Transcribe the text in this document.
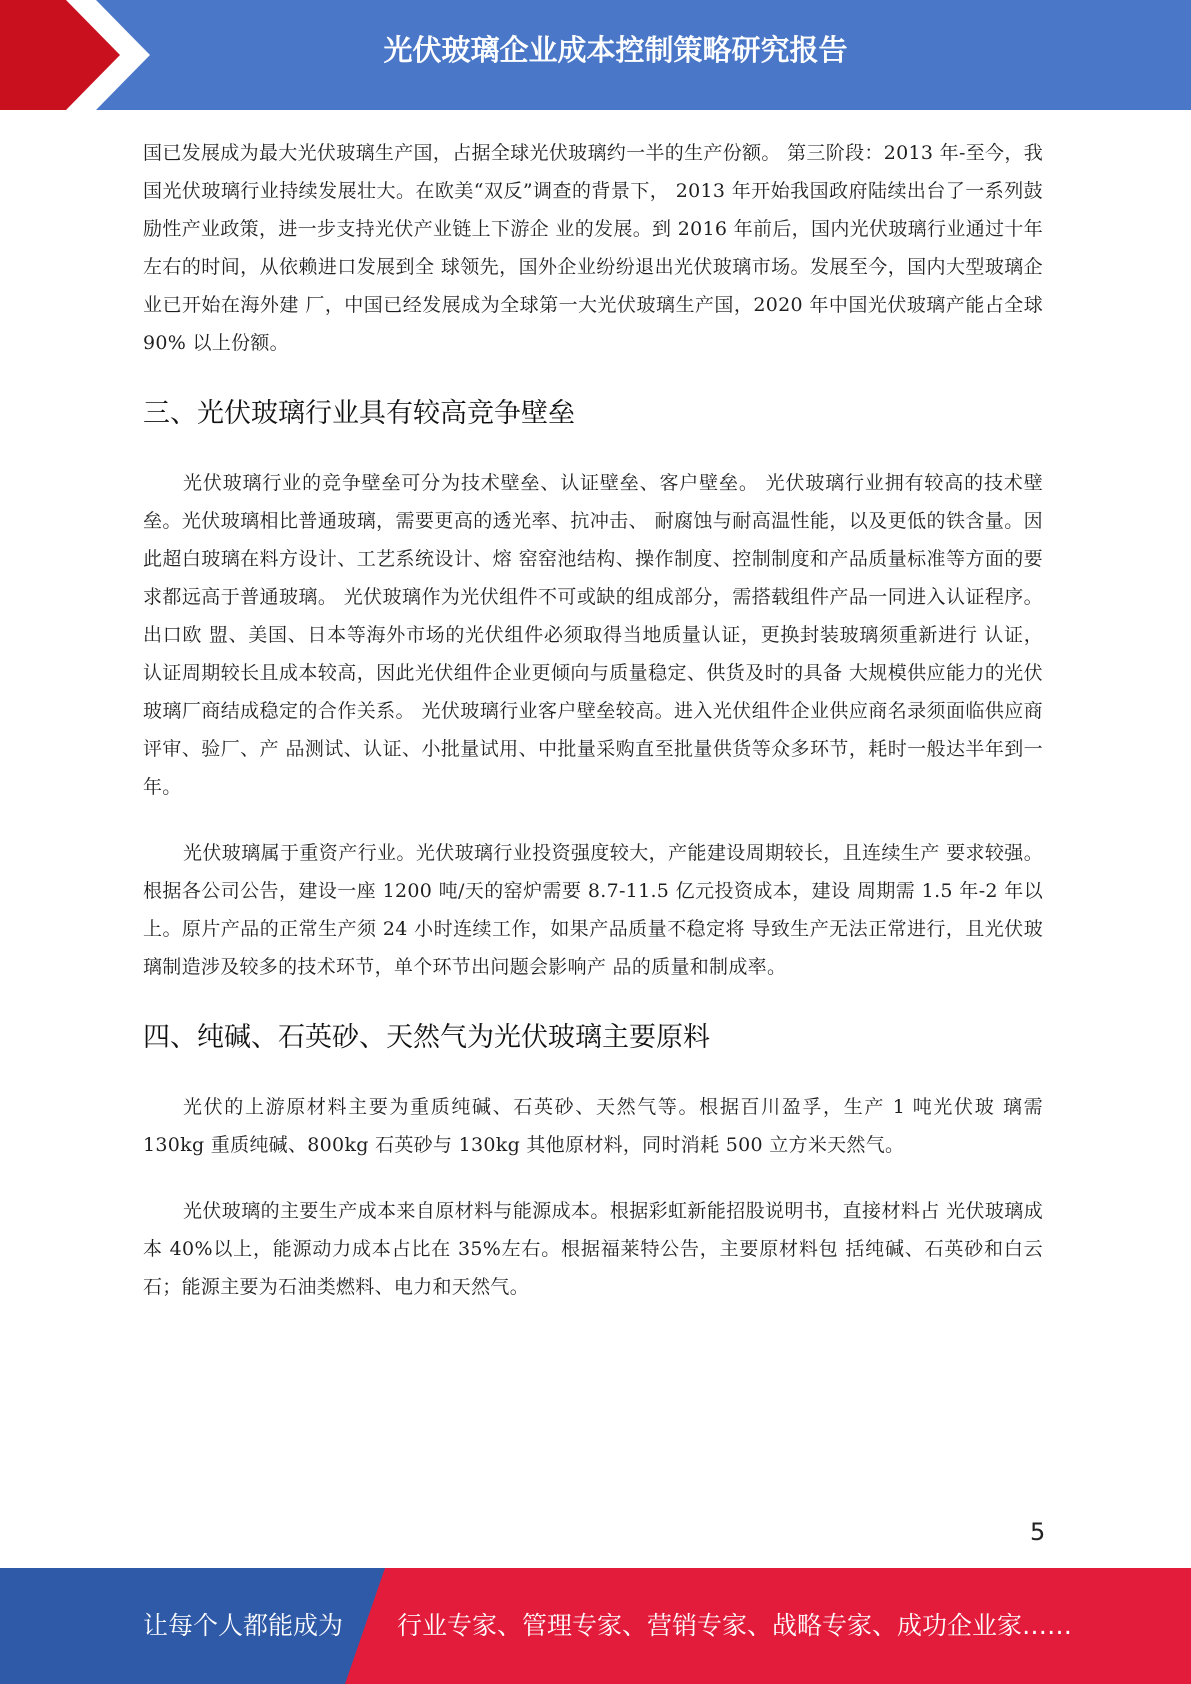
光伏玻璃企业成本控制策略研究报告

国已发展成为最大光伏玻璃生产国，占据全球光伏玻璃约一半的生产份额。 第三阶段：2013 年-至今，我国光伏玻璃行业持续发展壮大。在欧美“双反”调查的背景下， 2013 年开始我国政府陆续出台了一系列鼓励性产业政策，进一步支持光伏产业链上下游企 业的发展。到 2016 年前后，国内光伏玻璃行业通过十年左右的时间，从依赖进口发展到全 球领先，国外企业纷纷退出光伏玻璃市场。发展至今，国内大型玻璃企业已开始在海外建 厂，中国已经发展成为全球第一大光伏玻璃生产国，2020 年中国光伏玻璃产能占全球 90% 以上份额。

三、光伏玻璃行业具有较高竞争壁垒

光伏玻璃行业的竞争壁垒可分为技术壁垒、认证壁垒、客户壁垒。 光伏玻璃行业拥有较高的技术壁垒。光伏玻璃相比普通玻璃，需要更高的透光率、抗冲击、 耐腐蚀与耐高温性能，以及更低的铁含量。因此超白玻璃在料方设计、工艺系统设计、熔 窑窑池结构、操作制度、控制制度和产品质量标准等方面的要求都远高于普通玻璃。 光伏玻璃作为光伏组件不可或缺的组成部分，需搭载组件产品一同进入认证程序。出口欧 盟、美国、日本等海外市场的光伏组件必须取得当地质量认证，更换封装玻璃须重新进行 认证，认证周期较长且成本较高，因此光伏组件企业更倾向与质量稳定、供货及时的具备 大规模供应能力的光伏玻璃厂商结成稳定的合作关系。 光伏玻璃行业客户壁垒较高。进入光伏组件企业供应商名录须面临供应商评审、验厂、产 品测试、认证、小批量试用、中批量采购直至批量供货等众多环节，耗时一般达半年到一 年。

光伏玻璃属于重资产行业。光伏玻璃行业投资强度较大，产能建设周期较长，且连续生产 要求较强。根据各公司公告，建设一座 1200 吨/天的窑炉需要 8.7-11.5 亿元投资成本，建设 周期需 1.5 年-2 年以上。原片产品的正常生产须 24 小时连续工作，如果产品质量不稳定将 导致生产无法正常进行，且光伏玻璃制造涉及较多的技术环节，单个环节出问题会影响产 品的质量和制成率。

四、纯碱、石英砂、天然气为光伏玻璃主要原料

光伏的上游原材料主要为重质纯碱、石英砂、天然气等。根据百川盈孚，生产 1 吨光伏玻 璃需 130kg 重质纯碱、800kg 石英砂与 130kg 其他原材料，同时消耗 500 立方米天然气。

光伏玻璃的主要生产成本来自原材料与能源成本。根据彩虹新能招股说明书，直接材料占 光伏玻璃成本 40%以上，能源动力成本占比在 35%左右。根据福莱特公告，主要原材料包 括纯碱、石英砂和白云石；能源主要为石油类燃料、电力和天然气。

5
让每个人都能成为 行业专家、管理专家、营销专家、战略专家、成功企业家……
